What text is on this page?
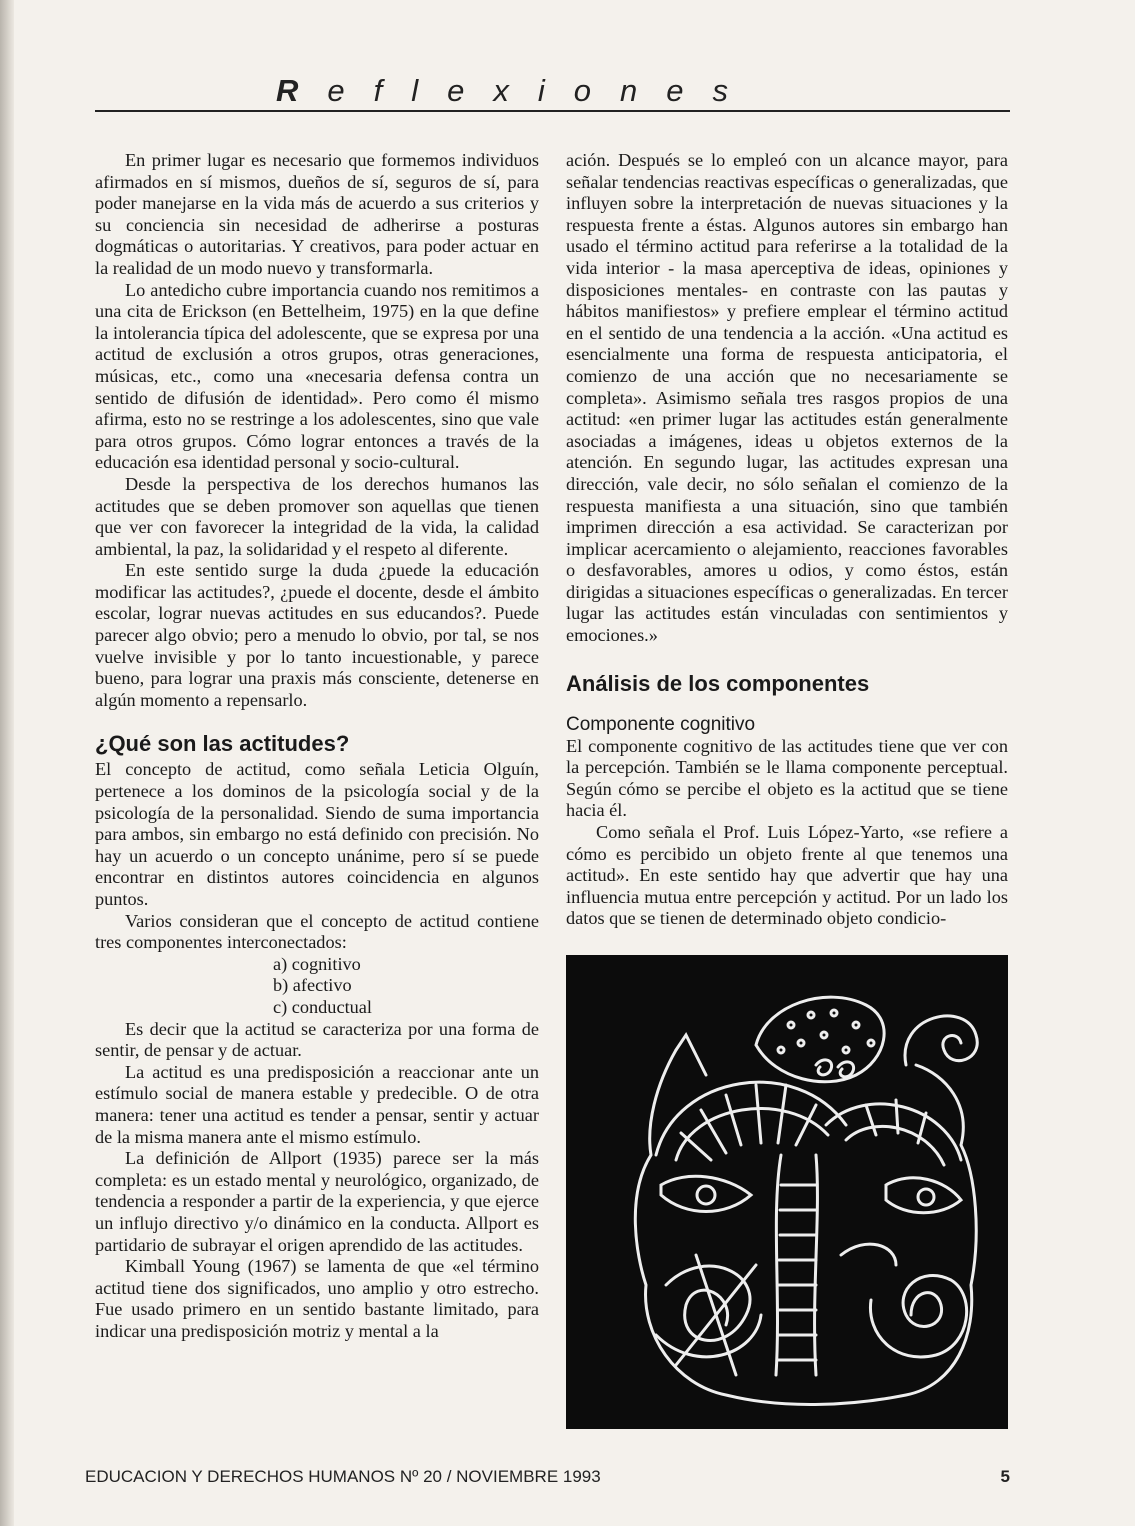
Reflexiones

En primer lugar es necesario que formemos individuos afirmados en sí mismos, dueños de sí, seguros de sí, para poder manejarse en la vida más de acuerdo a sus criterios y su conciencia sin necesidad de adherirse a posturas dogmáticas o autoritarias. Y creativos, para poder actuar en la realidad de un modo nuevo y transformarla.

Lo antedicho cubre importancia cuando nos remitimos a una cita de Erickson (en Bettelheim, 1975) en la que define la intolerancia típica del adolescente, que se expresa por una actitud de exclusión a otros grupos, otras generaciones, músicas, etc., como una «necesaria defensa contra un sentido de difusión de identidad». Pero como él mismo afirma, esto no se restringe a los adolescentes, sino que vale para otros grupos. Cómo lograr entonces a través de la educación esa identidad personal y socio-cultural.

Desde la perspectiva de los derechos humanos las actitudes que se deben promover son aquellas que tienen que ver con favorecer la integridad de la vida, la calidad ambiental, la paz, la solidaridad y el respeto al diferente.

En este sentido surge la duda ¿puede la educación modificar las actitudes?, ¿puede el docente, desde el ámbito escolar, lograr nuevas actitudes en sus educandos?. Puede parecer algo obvio; pero a menudo lo obvio, por tal, se nos vuelve invisible y por lo tanto incuestionable, y parece bueno, para lograr una praxis más consciente, detenerse en algún momento a repensarlo.

¿Qué son las actitudes?

El concepto de actitud, como señala Leticia Olguín, pertenece a los dominos de la psicología social y de la psicología de la personalidad. Siendo de suma importancia para ambos, sin embargo no está definido con precisión. No hay un acuerdo o un concepto unánime, pero sí se puede encontrar en distintos autores coincidencia en algunos puntos.

Varios consideran que el concepto de actitud contiene tres componentes interconectados:

a) cognitivo
b) afectivo
c) conductual

Es decir que la actitud se caracteriza por una forma de sentir, de pensar y de actuar.

La actitud es una predisposición a reaccionar ante un estímulo social de manera estable y predecible. O de otra manera: tener una actitud es tender a pensar, sentir y actuar de la misma manera ante el mismo estímulo.

La definición de Allport (1935) parece ser la más completa: es un estado mental y neurológico, organizado, de tendencia a responder a partir de la experiencia, y que ejerce un influjo directivo y/o dinámico en la conducta. Allport es partidario de subrayar el origen aprendido de las actitudes.

Kimball Young (1967) se lamenta de que «el término actitud tiene dos significados, uno amplio y otro estrecho. Fue usado primero en un sentido bastante limitado, para indicar una predisposición motriz y mental a la

ación. Después se lo empleó con un alcance mayor, para señalar tendencias reactivas específicas o generalizadas, que influyen sobre la interpretación de nuevas situaciones y la respuesta frente a éstas. Algunos autores sin embargo han usado el término actitud para referirse a la totalidad de la vida interior - la masa aperceptiva de ideas, opiniones y disposiciones mentales- en contraste con las pautas y hábitos manifiestos» y prefiere emplear el término actitud en el sentido de una tendencia a la acción. «Una actitud es esencialmente una forma de respuesta anticipatoria, el comienzo de una acción que no necesariamente se completa». Asimismo señala tres rasgos propios de una actitud: «en primer lugar las actitudes están generalmente asociadas a imágenes, ideas u objetos externos de la atención. En segundo lugar, las actitudes expresan una dirección, vale decir, no sólo señalan el comienzo de la respuesta manifiesta a una situación, sino que también imprimen dirección a esa actividad. Se caracterizan por implicar acercamiento o alejamiento, reacciones favorables o desfavorables, amores u odios, y como éstos, están dirigidas a situaciones específicas o generalizadas. En tercer lugar las actitudes están vinculadas con sentimientos y emociones.»

Análisis de los componentes
Componente cognitivo

El componente cognitivo de las actitudes tiene que ver con la percepción. También se le llama componente perceptual. Según cómo se percibe el objeto es la actitud que se tiene hacia él.

Como señala el Prof. Luis López-Yarto, «se refiere a cómo es percibido un objeto frente al que tenemos una actitud». En este sentido hay que advertir que hay una influencia mutua entre percepción y actitud. Por un lado los datos que se tienen de determinado objeto condicio-

EDUCACION Y DERECHOS HUMANOS Nº 20 / NOVIEMBRE 1993	5
